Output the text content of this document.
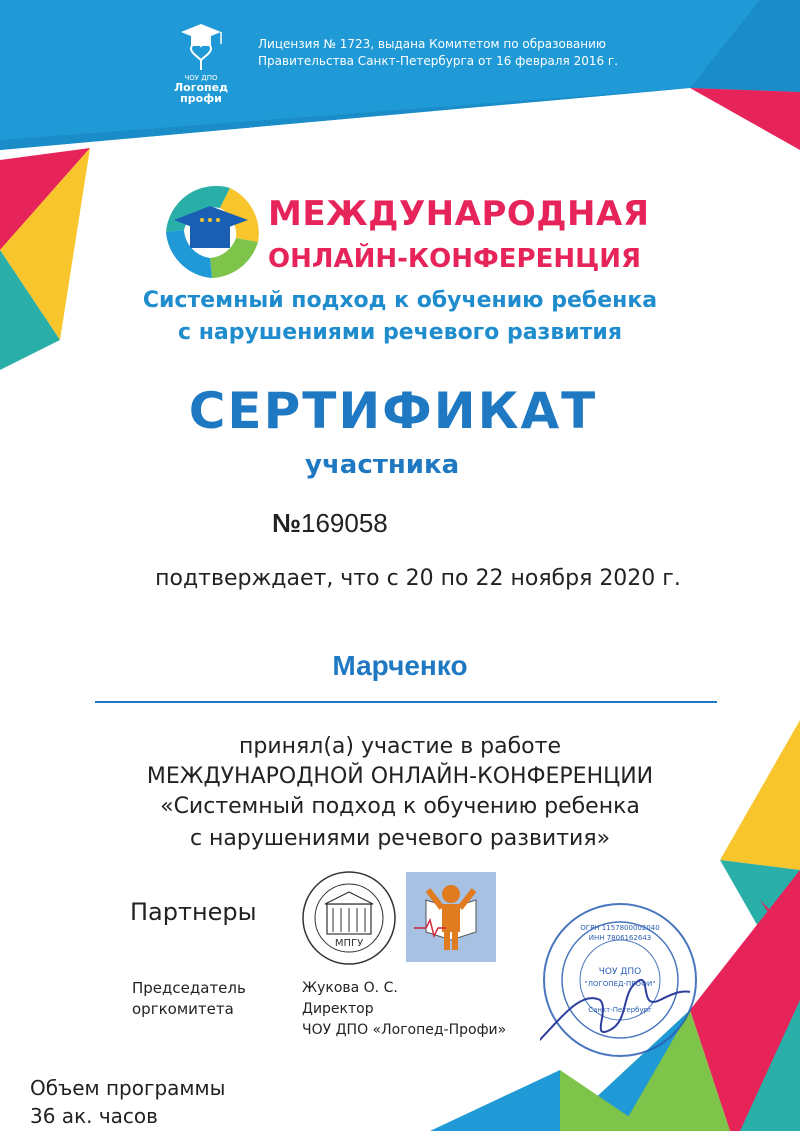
ЧОУ ДПО
Логопед
профи
Лицензия № 1723, выдана Комитетом по образованию
Правительства Санкт-Петербурга от 16 февраля 2016 г.
МЕЖДУНАРОДНАЯ
ОНЛАЙН-КОНФЕРЕНЦИЯ
Системный подход к обучению ребенка
с нарушениями речевого развития
СЕРТИФИКАТ
участника
№169058
подтверждает, что с 20 по 22 ноября 2020 г.
Марченко
принял(а) участие в работе
МЕЖДУНАРОДНОЙ ОНЛАЙН-КОНФЕРЕНЦИИ
«Системный подход к обучению ребенка
с нарушениями речевого развития»
Партнеры
МПГУ
Председатель
оргкомитета
Жукова О. С.
Директор
ЧОУ ДПО «Логопед-Профи»
ЧОУ ДПО
"ЛОГОПЕД-ПРОФИ"
Санкт-Петербург
ОГРН 1157800002040
ИНН 7806162643
Объем программы
36 ак. часов
